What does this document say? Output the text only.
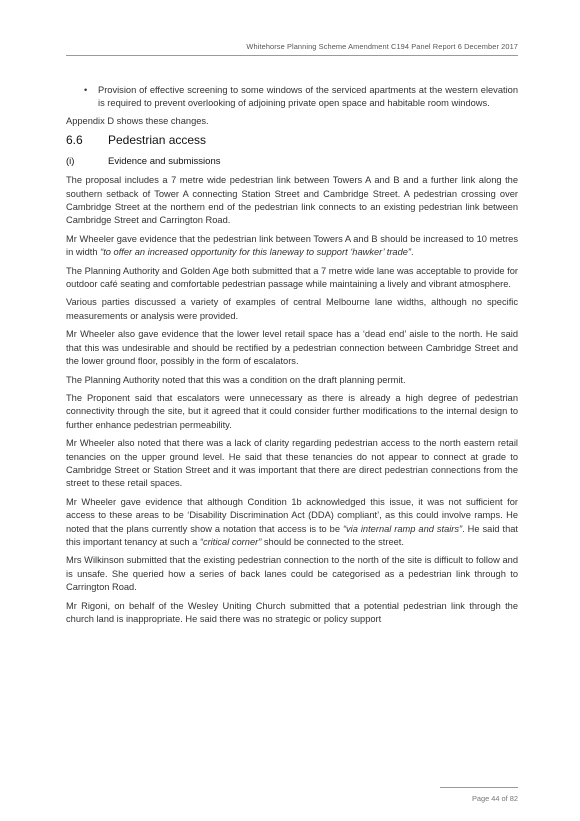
Whitehorse Planning Scheme Amendment C194 Panel Report 6 December 2017
• Provision of effective screening to some windows of the serviced apartments at the western elevation is required to prevent overlooking of adjoining private open space and habitable room windows.

Appendix D shows these changes.

6.6 Pedestrian access
(i)	Evidence and submissions

The proposal includes a 7 metre wide pedestrian link between Towers A and B and a further link along the southern setback of Tower A connecting Station Street and Cambridge Street. A pedestrian crossing over Cambridge Street at the northern end of the pedestrian link connects to an existing pedestrian link between Cambridge Street and Carrington Road.

Mr Wheeler gave evidence that the pedestrian link between Towers A and B should be increased to 10 metres in width “to offer an increased opportunity for this laneway to support ‘hawker’ trade”.

The Planning Authority and Golden Age both submitted that a 7 metre wide lane was acceptable to provide for outdoor café seating and comfortable pedestrian passage while maintaining a lively and vibrant atmosphere.

Various parties discussed a variety of examples of central Melbourne lane widths, although no specific measurements or analysis were provided.

Mr Wheeler also gave evidence that the lower level retail space has a ‘dead end’ aisle to the north. He said that this was undesirable and should be rectified by a pedestrian connection between Cambridge Street and the lower ground floor, possibly in the form of escalators.

The Planning Authority noted that this was a condition on the draft planning permit.

The Proponent said that escalators were unnecessary as there is already a high degree of pedestrian connectivity through the site, but it agreed that it could consider further modifications to the internal design to further enhance pedestrian permeability.

Mr Wheeler also noted that there was a lack of clarity regarding pedestrian access to the north eastern retail tenancies on the upper ground level. He said that these tenancies do not appear to connect at grade to Cambridge Street or Station Street and it was important that there are direct pedestrian connections from the street to these retail spaces.

Mr Wheeler gave evidence that although Condition 1b acknowledged this issue, it was not sufficient for access to these areas to be ‘Disability Discrimination Act (DDA) compliant’, as this could involve ramps. He noted that the plans currently show a notation that access is to be “via internal ramp and stairs”. He said that this important tenancy at such a “critical corner” should be connected to the street.

Mrs Wilkinson submitted that the existing pedestrian connection to the north of the site is difficult to follow and is unsafe. She queried how a series of back lanes could be categorised as a pedestrian link through to Carrington Road.

Mr Rigoni, on behalf of the Wesley Uniting Church submitted that a potential pedestrian link through the church land is inappropriate. He said there was no strategic or policy support

Page 44 of 82
